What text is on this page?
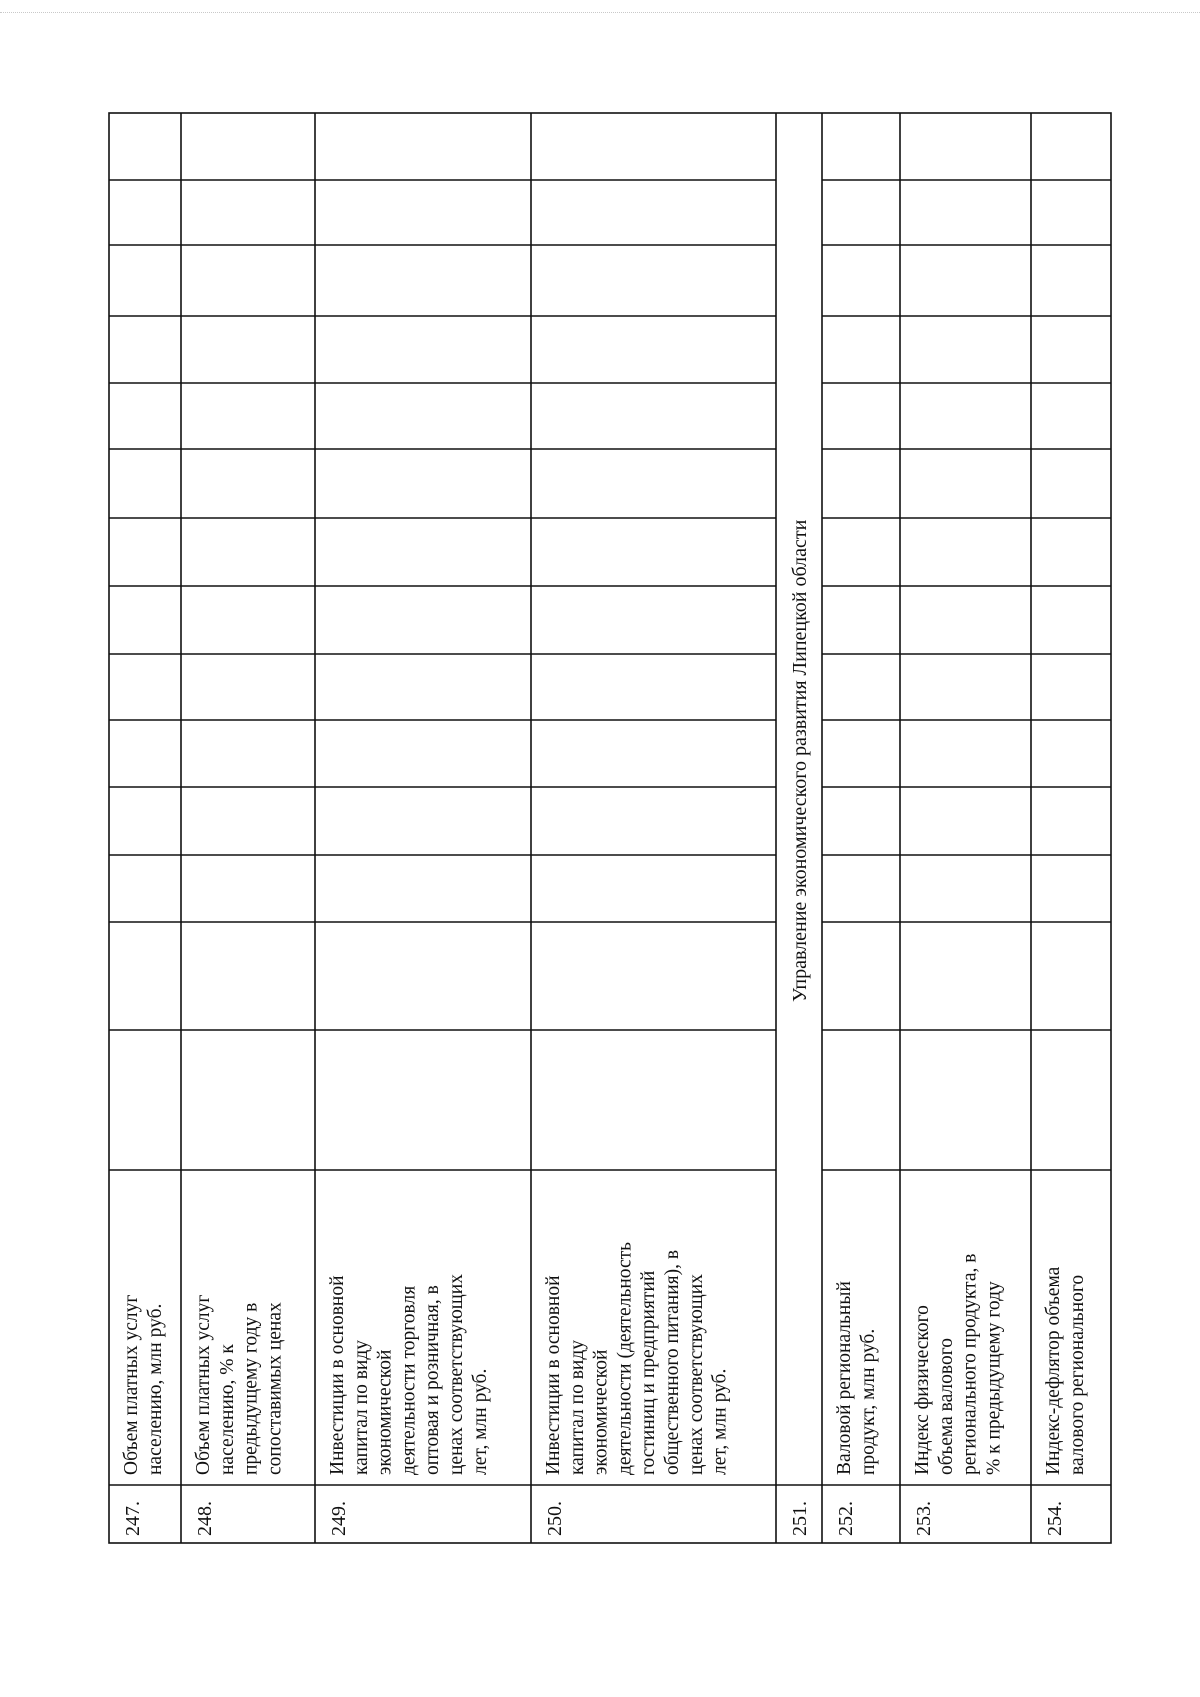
247.
Объем платных услуг населению, млн руб.
248.
Объем платных услуг населению, % к предыдущему году в сопоставимых ценах
249.
Инвестиции в основной капитал по виду экономической деятельности торговля оптовая и розничная, в ценах соответствующих лет, млн руб.
250.
Инвестиции в основной капитал по виду экономической деятельности (деятельность гостиниц и предприятий общественного питания), в ценах соответствующих лет, млн руб.
251.
Управление экономического развития Липецкой области
252.
Валовой региональный продукт, млн руб.
253.
Индекс физического объема валового регионального продукта, в % к предыдущему году
254.
Индекс-дефлятор объема валового регионального
